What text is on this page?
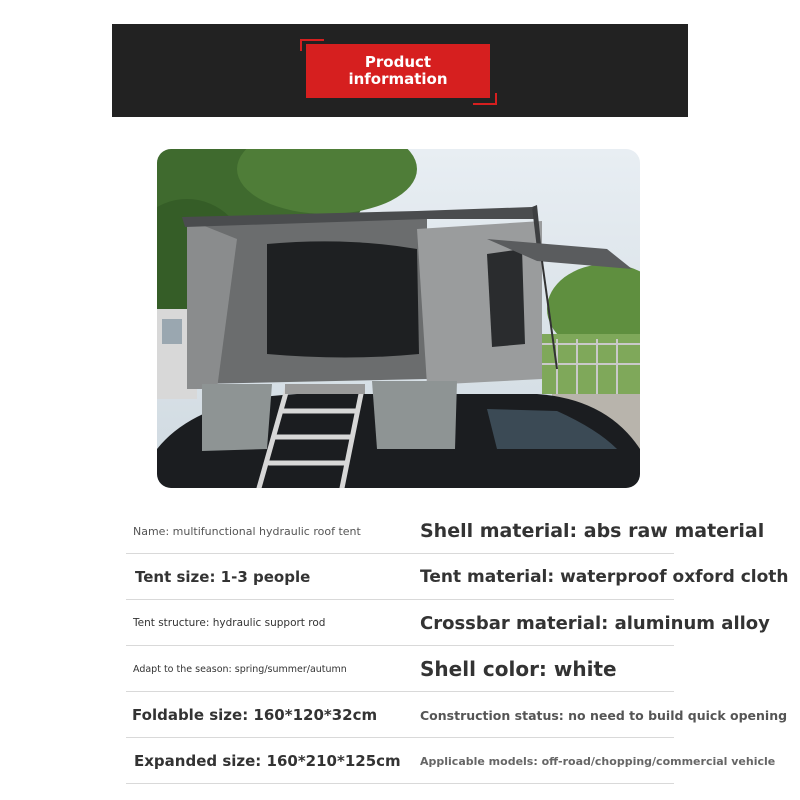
Product
information
Name: multifunctional hydraulic roof tent	Shell material: abs raw material
Tent size: 1-3 people	Tent material: waterproof oxford cloth
Tent structure: hydraulic support rod	Crossbar material: aluminum alloy
Adapt to the season: spring/summer/autumn	Shell color: white
Foldable size: 160*120*32cm	Construction status: no need to build quick opening
Expanded size: 160*210*125cm Applicable models: off-road/chopping/commercial vehicle
